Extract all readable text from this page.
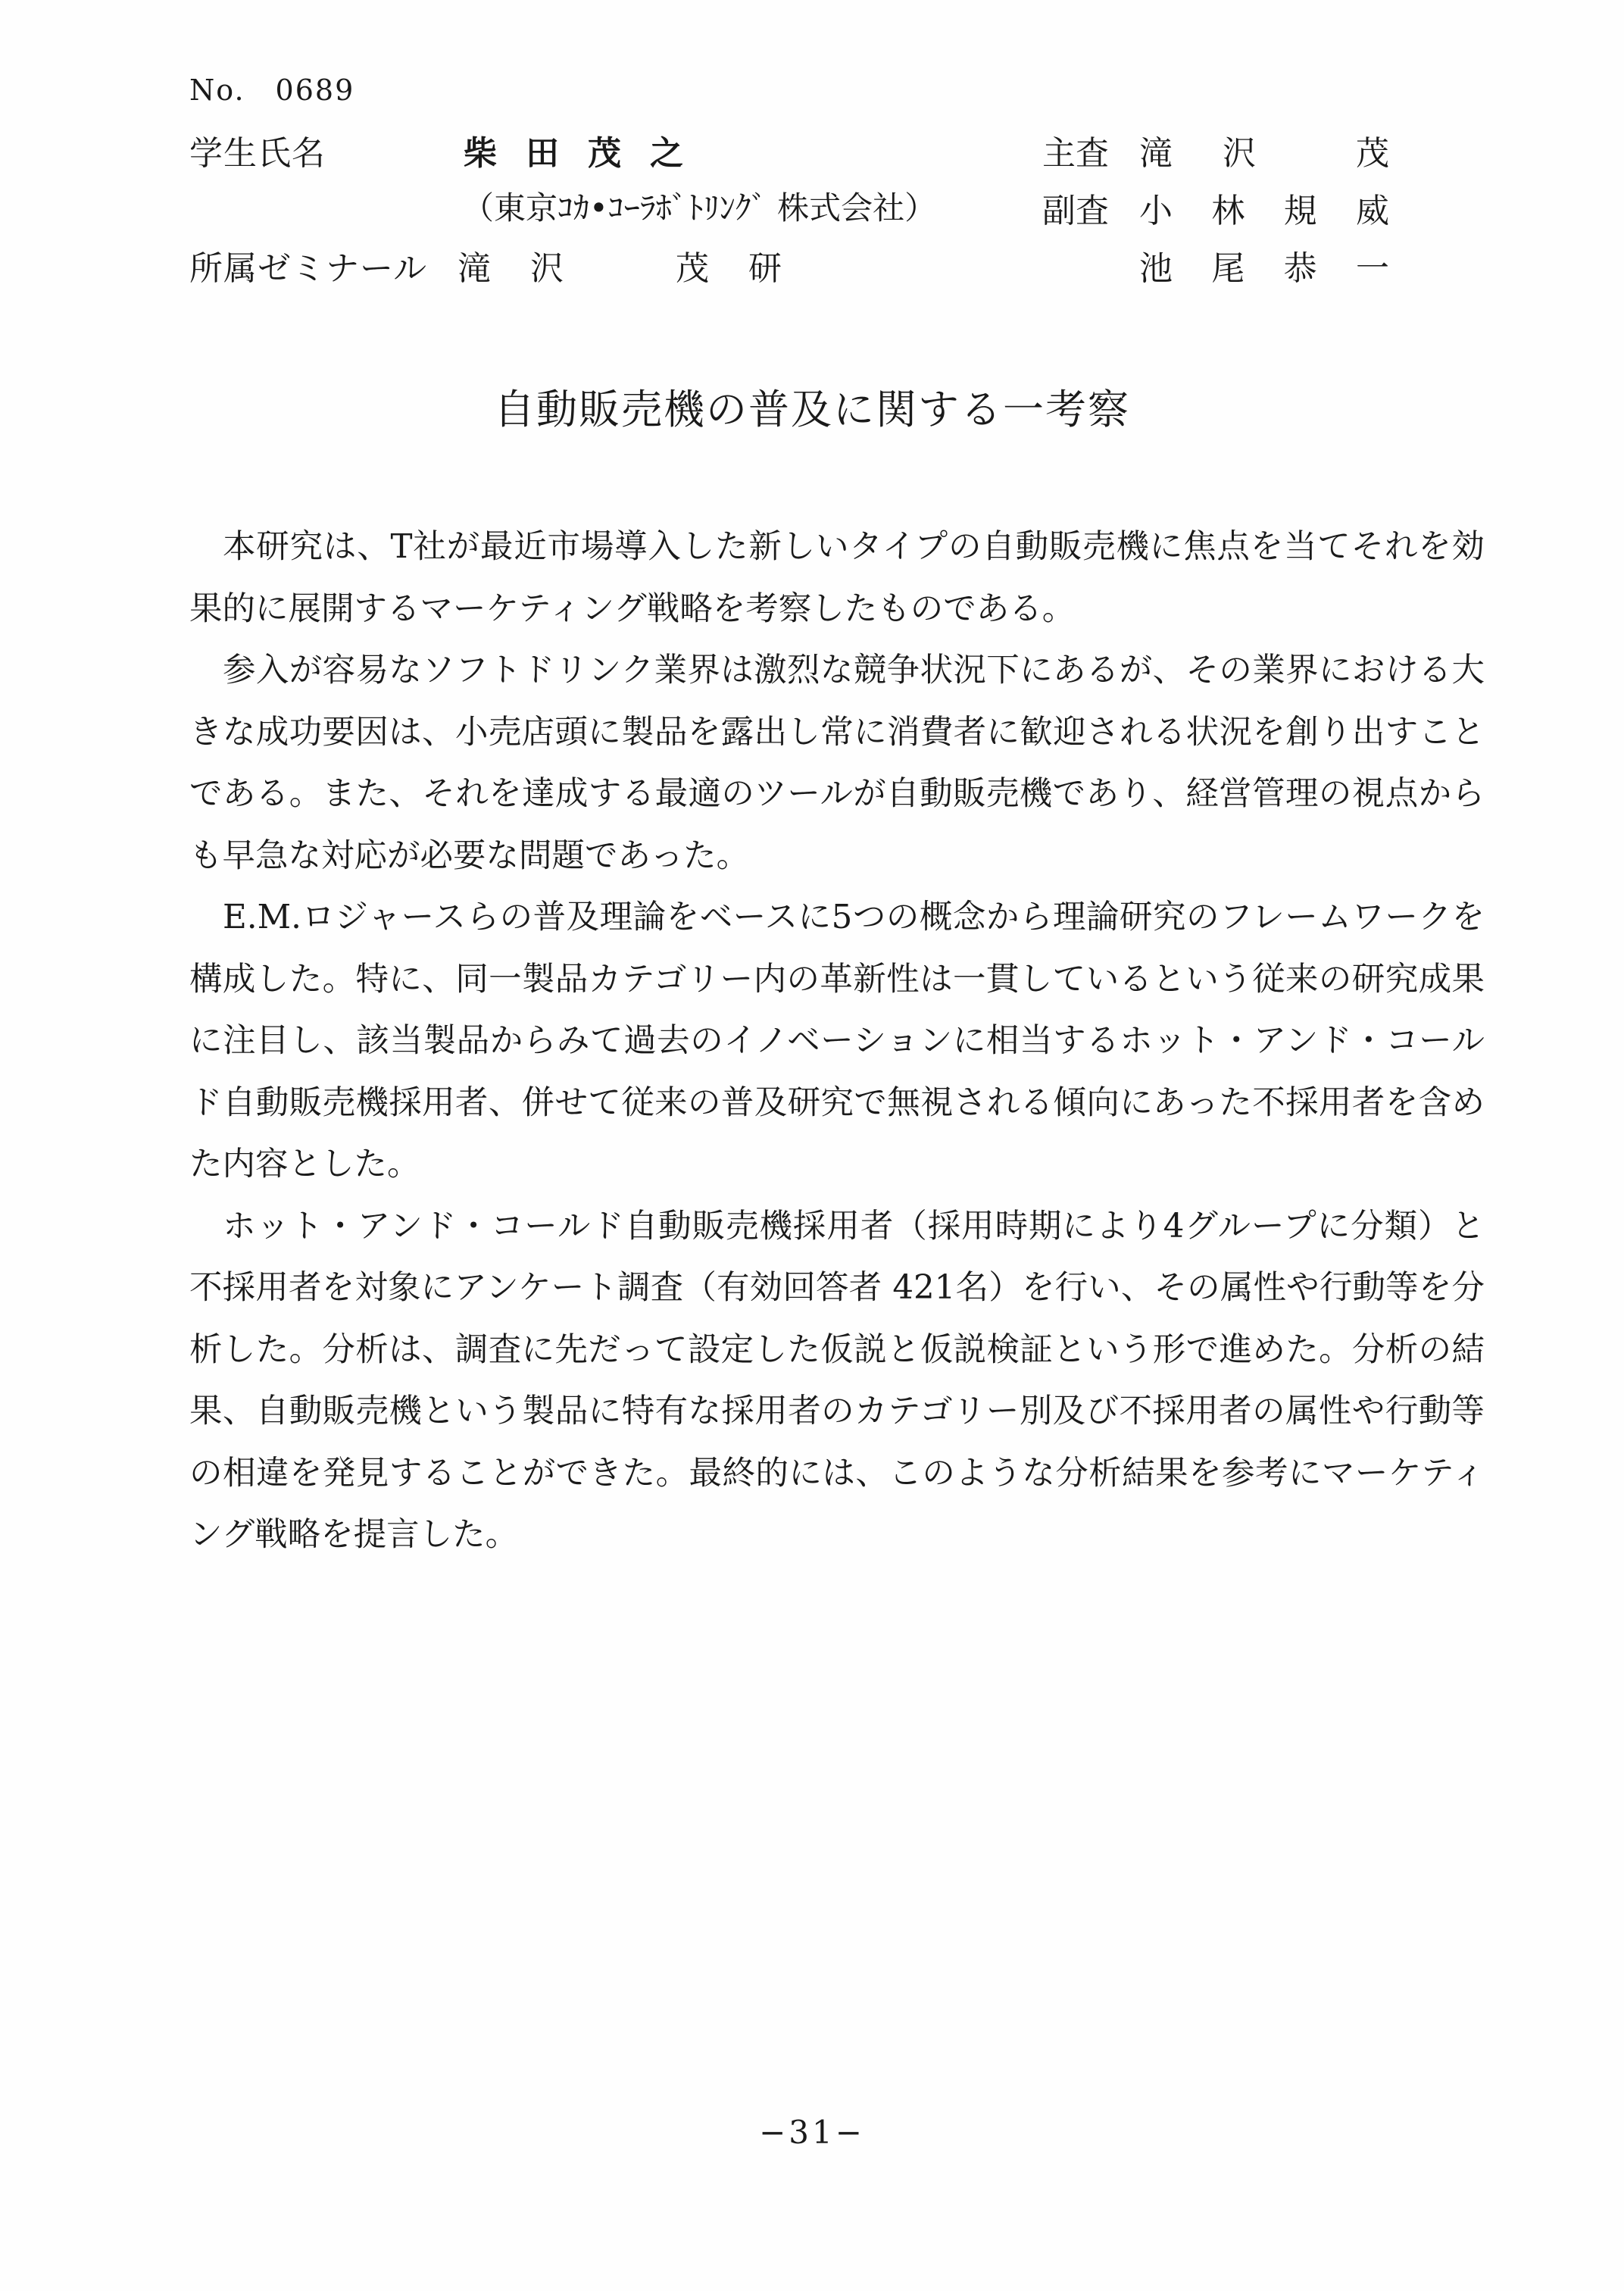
No.　0689
学生氏名	柴田茂之	主査 滝 沢	茂
（東京ｺｶ•ｺｰﾗﾎﾞﾄﾘﾝｸﾞ 株式会社）	副査 小 林 規 威
所属ゼミナール 滝　沢　　　茂　研	池 尾 恭 一
自動販売機の普及に関する一考察

本研究は、T社が最近市場導入した新しいタイプの自動販売機に焦点を当てそれを効果的に展開するマーケティング戦略を考察したものである。

参入が容易なソフトドリンク業界は激烈な競争状況下にあるが、その業界における大きな成功要因は、小売店頭に製品を露出し常に消費者に歓迎される状況を創り出すことである。また、それを達成する最適のツールが自動販売機であり、経営管理の視点からも早急な対応が必要な問題であった。

E.M.ロジャースらの普及理論をベースに5つの概念から理論研究のフレームワークを構成した。特に、同一製品カテゴリー内の革新性は一貫しているという従来の研究成果に注目し、該当製品からみて過去のイノベーションに相当するホット・アンド・コールド自動販売機採用者、併せて従来の普及研究で無視される傾向にあった不採用者を含めた内容とした。

ホット・アンド・コールド自動販売機採用者（採用時期により4グループに分類）と不採用者を対象にアンケート調査（有効回答者 421名）を行い、その属性や行動等を分析した。分析は、調査に先だって設定した仮説と仮説検証という形で進めた。分析の結果、自動販売機という製品に特有な採用者のカテゴリー別及び不採用者の属性や行動等の相違を発見することができた。最終的には、このような分析結果を参考にマーケティング戦略を提言した。

−31−
